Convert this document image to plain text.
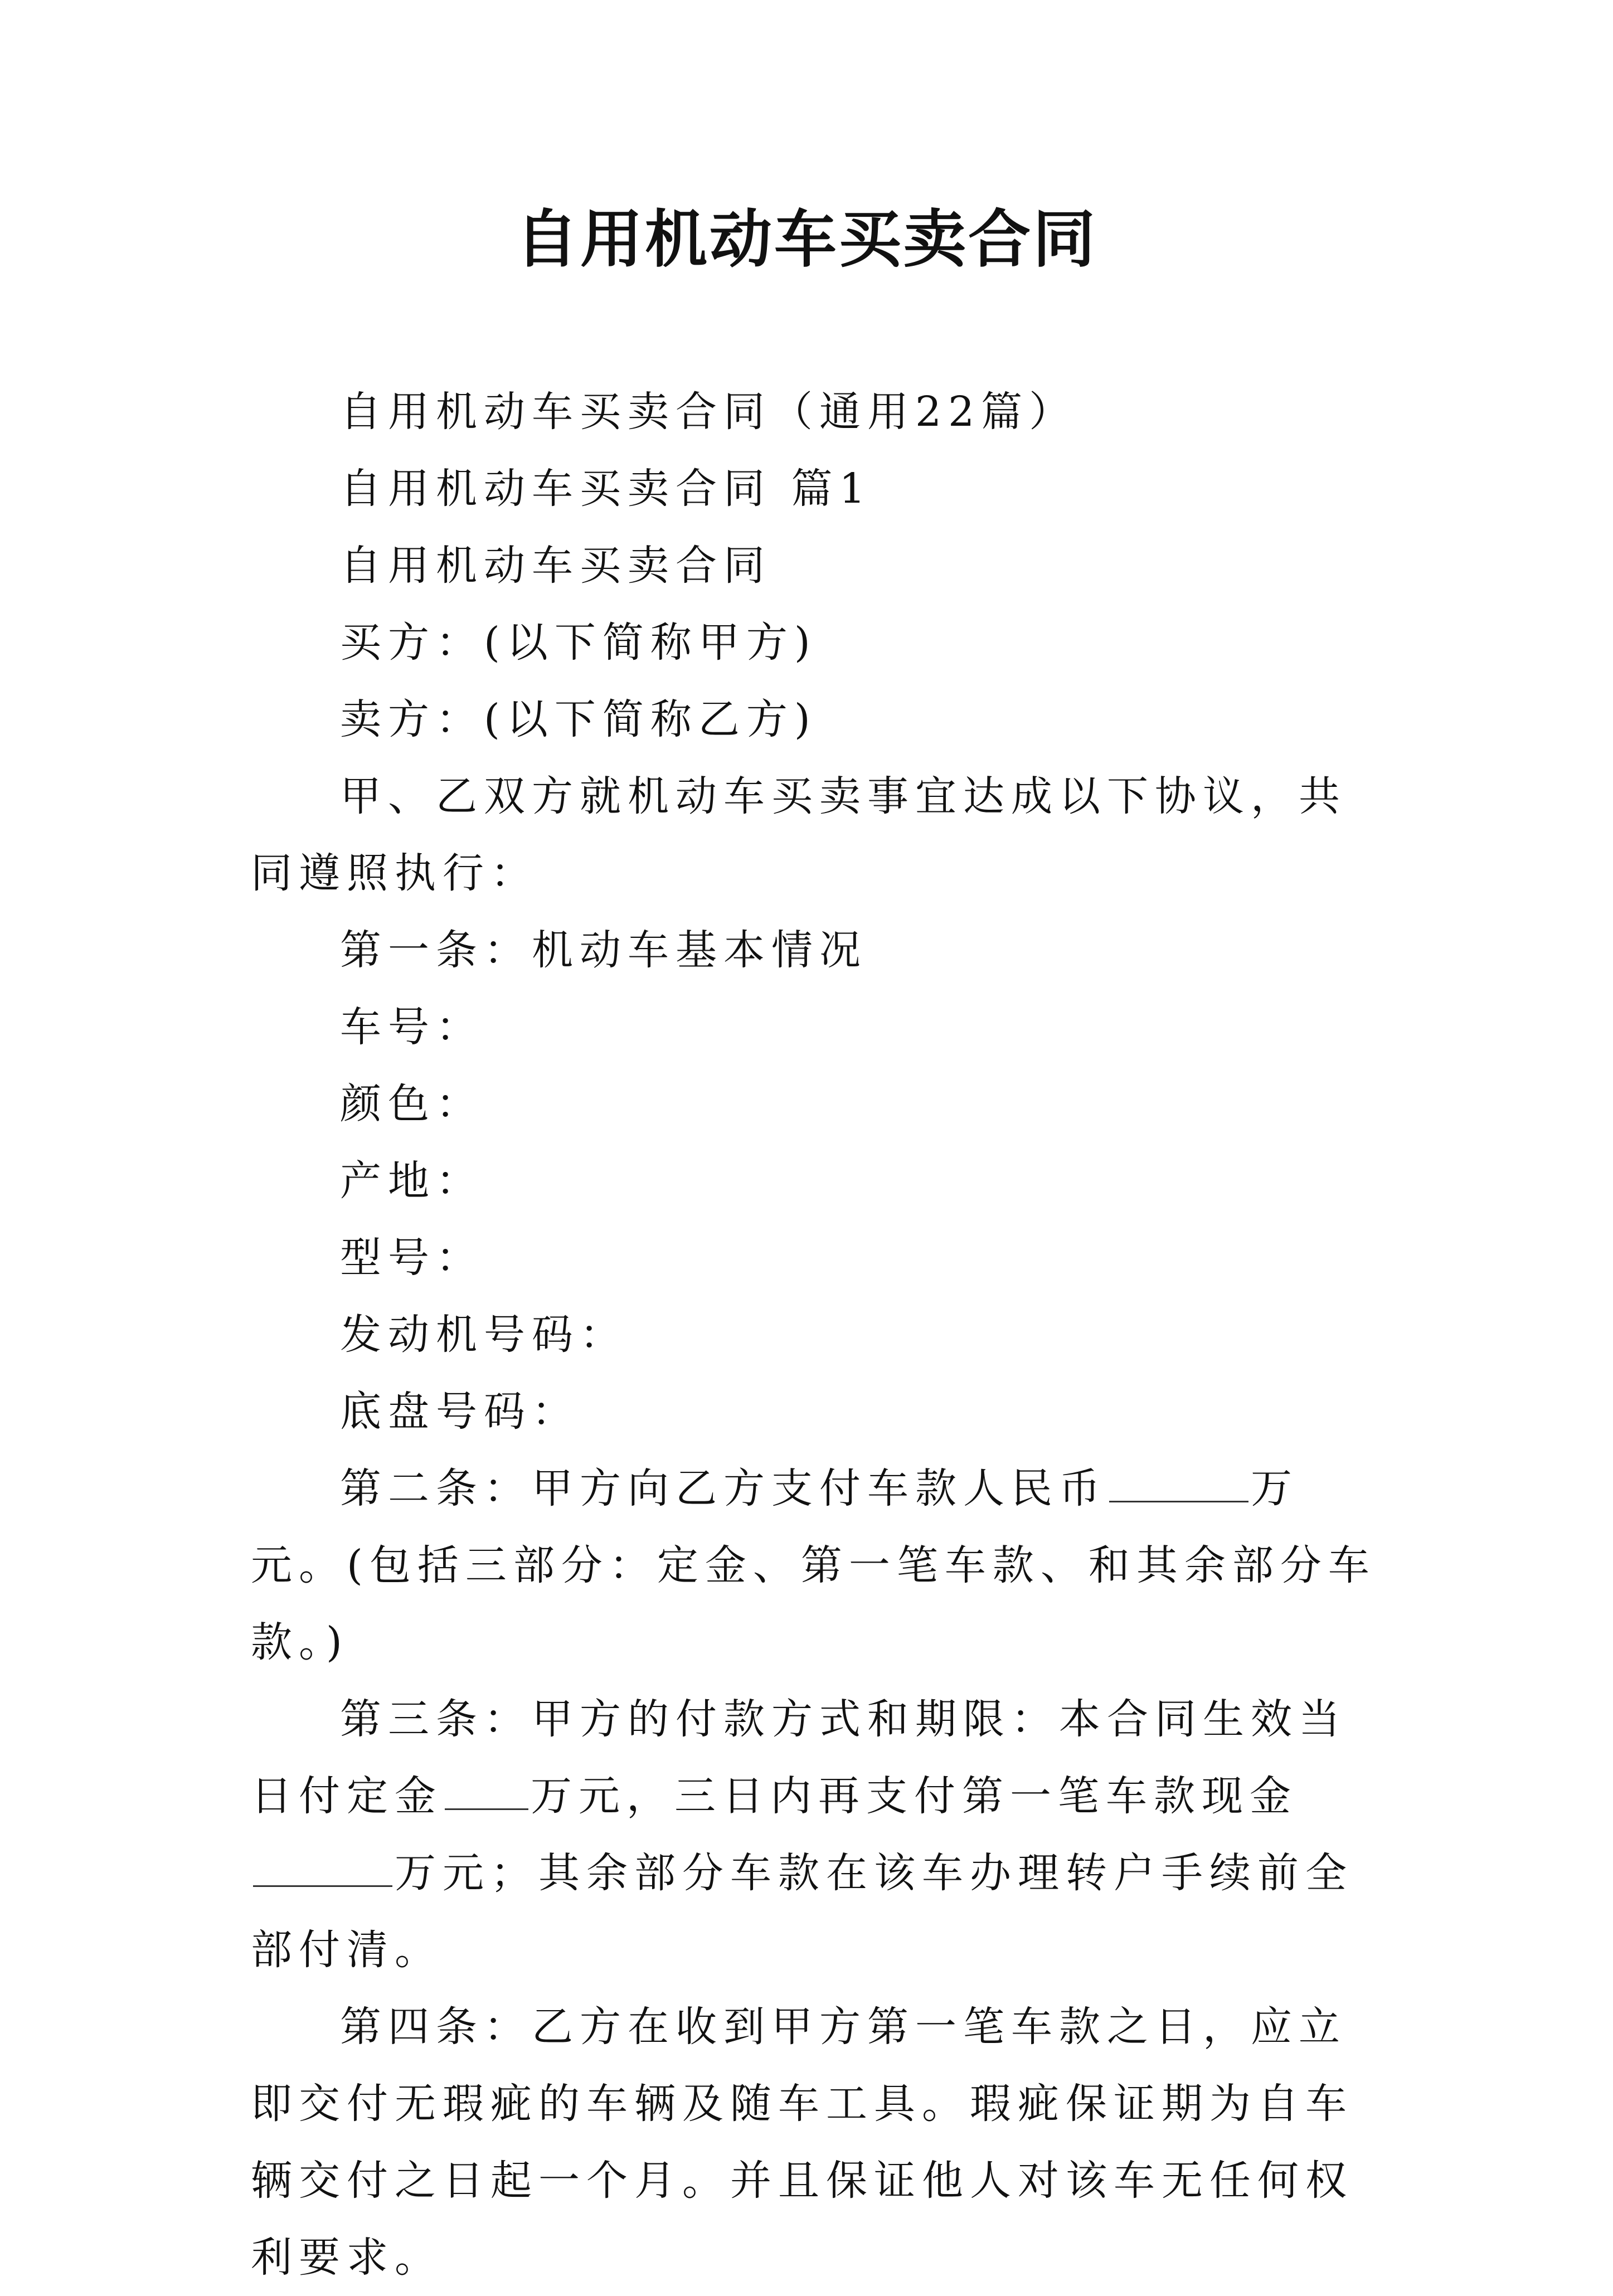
自用机动车买卖合同

自用机动车买卖合同（通用22篇）

自用机动车买卖合同 篇1

自用机动车买卖合同

买方：(以下简称甲方)

卖方：(以下简称乙方)

甲、乙双方就机动车买卖事宜达成以下协议，共同遵照执行：

第一条：机动车基本情况

车号：

颜色：

产地：

型号：

发动机号码：

底盘号码：

第二条：甲方向乙方支付车款人民币	万元。(包括三部分：定金、第一笔车款、和其余部分车款。)

第三条：甲方的付款方式和期限：本合同生效当日付定金 万元，三日内再支付第一笔车款现金万元；其余部分车款在该车办理转户手续前全部付清。

第四条：乙方在收到甲方第一笔车款之日，应立即交付无瑕疵的车辆及随车工具。瑕疵保证期为自车辆交付之日起一个月。并且保证他人对该车无任何权利要求。
